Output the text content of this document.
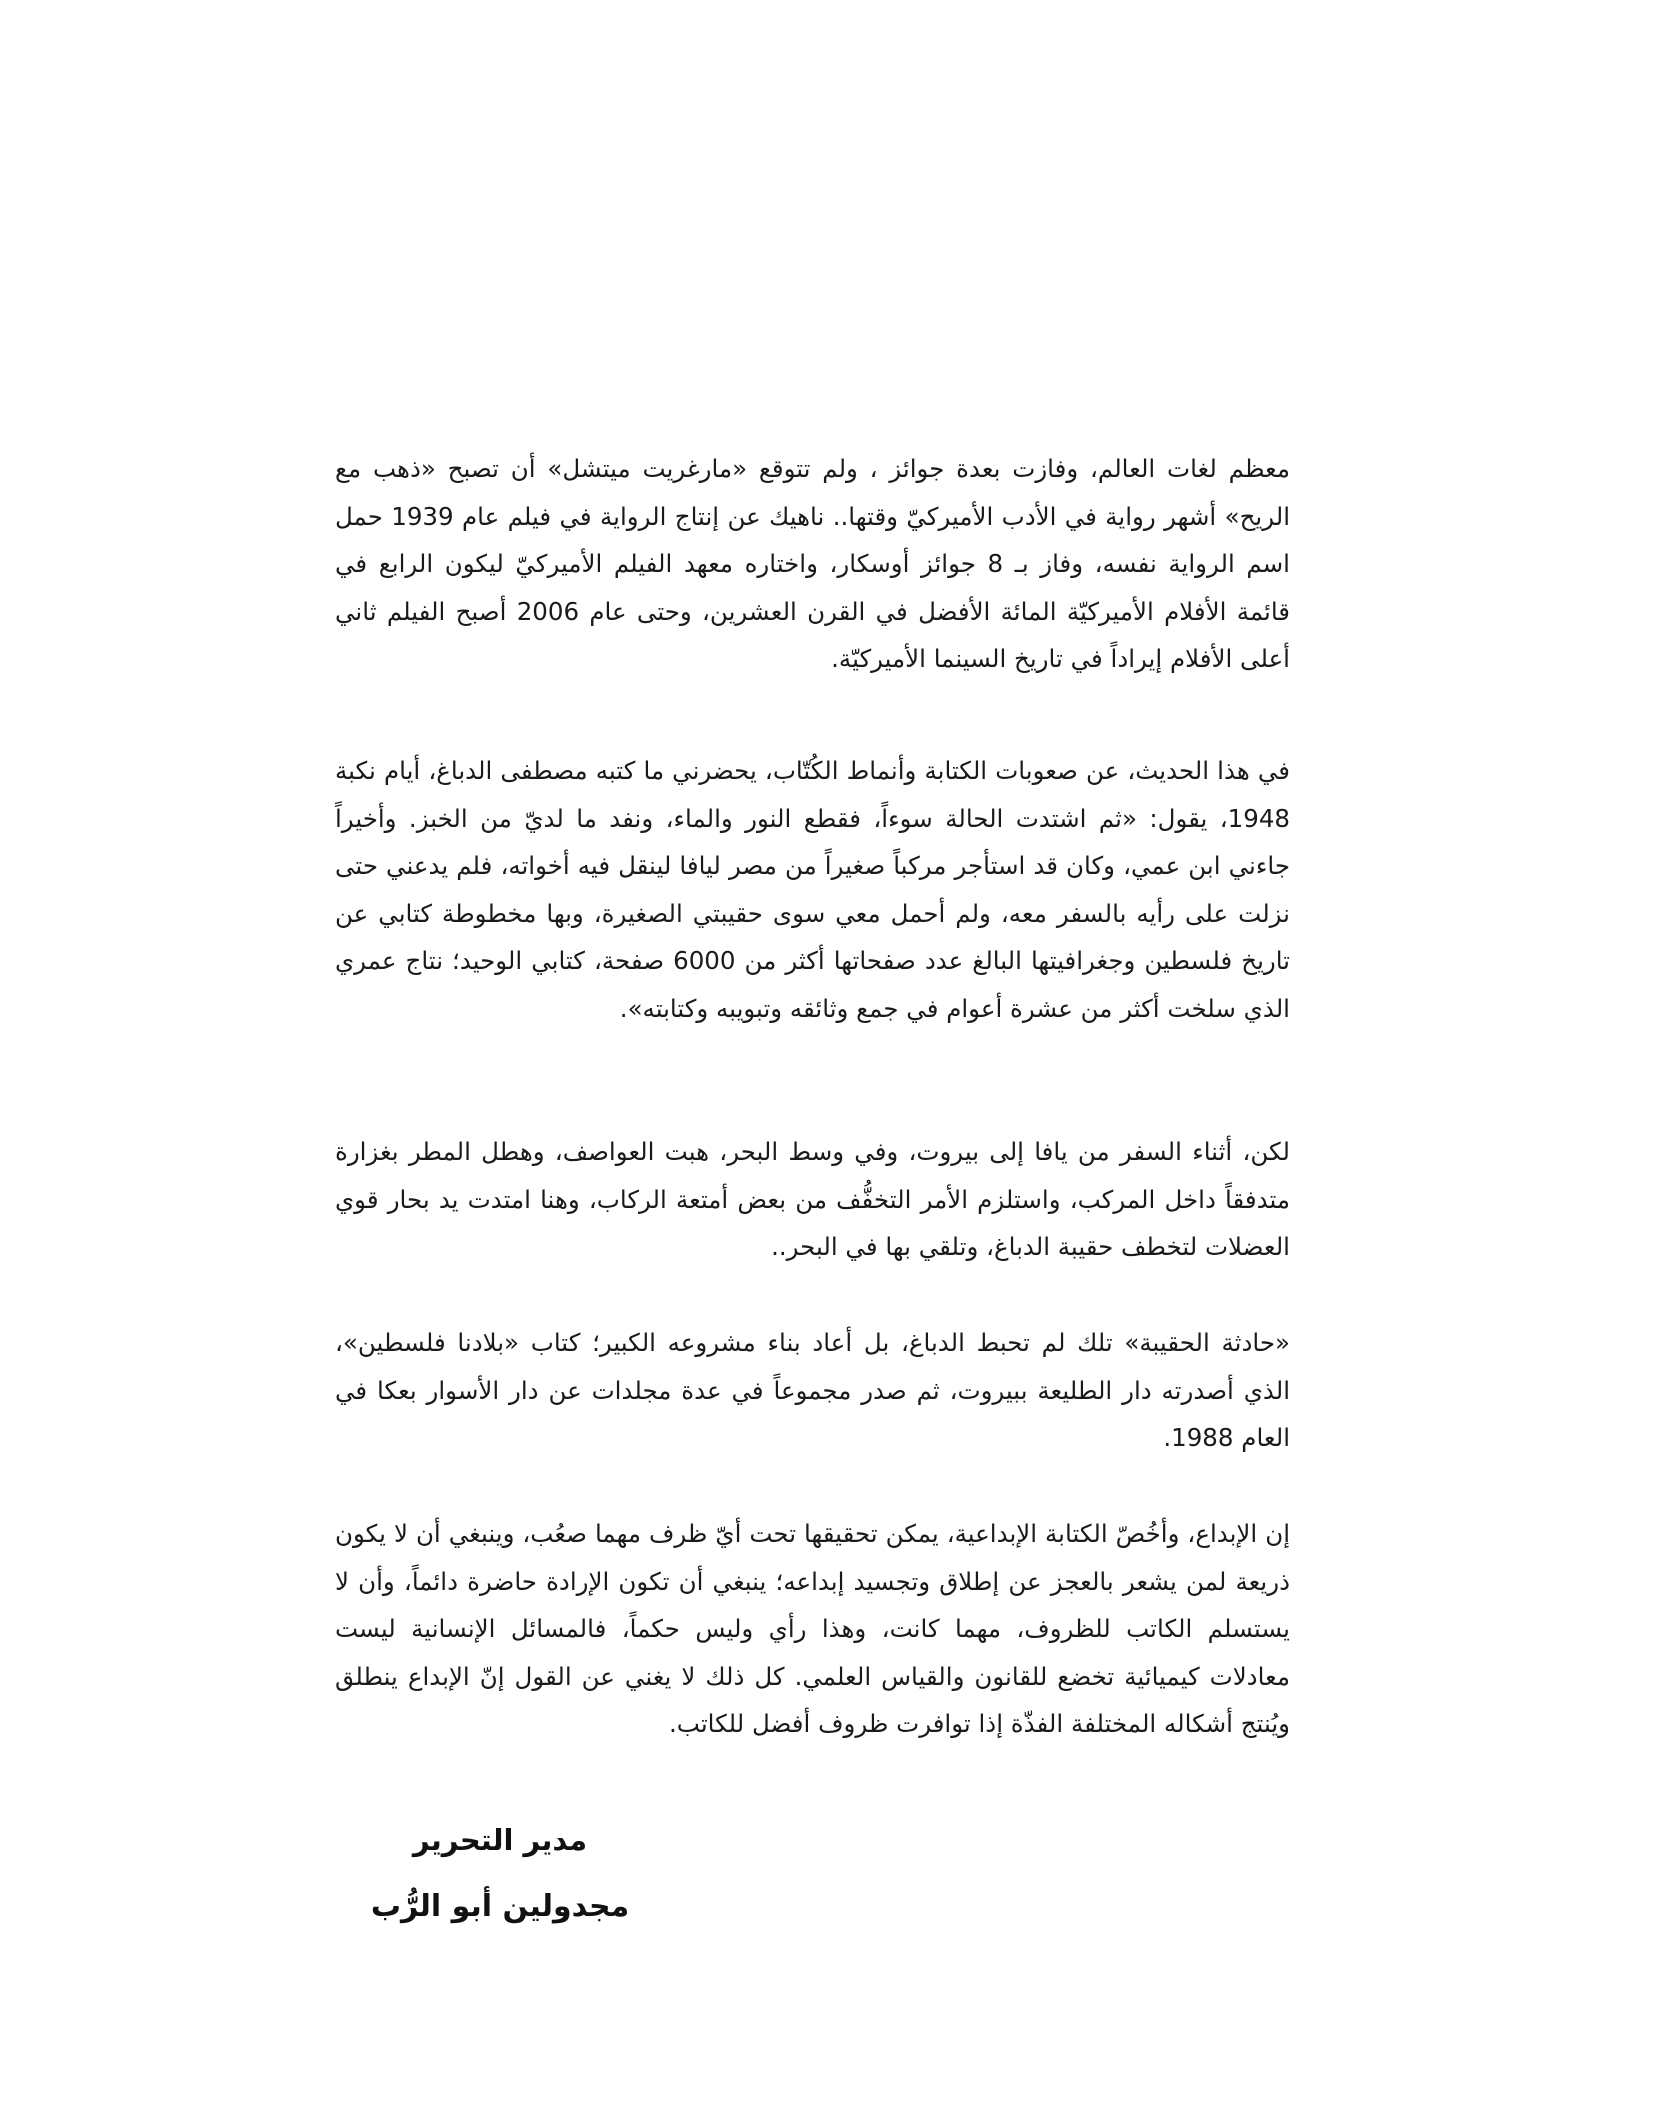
معظم لغات العالم، وفازت بعدة جوائز ، ولم تتوقع «مارغريت ميتشل» أن تصبح «ذهب مع الريح» أشهر رواية في الأدب الأميركيّ وقتها.. ناهيك عن إنتاج الرواية في فيلم عام 1939 حمل اسم الرواية نفسه، وفاز بـ 8 جوائز أوسكار، واختاره معهد الفيلم الأميركيّ ليكون الرابع في قائمة الأفلام الأميركيّة المائة الأفضل في القرن العشرين، وحتى عام 2006 أصبح الفيلم ثاني أعلى الأفلام إيراداً في تاريخ السينما الأميركيّة.

في هذا الحديث، عن صعوبات الكتابة وأنماط الكُتّاب، يحضرني ما كتبه مصطفى الدباغ، أيام نكبة 1948، يقول: «ثم اشتدت الحالة سوءاً، فقطع النور والماء، ونفد ما لديّ من الخبز. وأخيراً جاءني ابن عمي، وكان قد استأجر مركباً صغيراً من مصر ليافا لينقل فيه أخواته، فلم يدعني حتى نزلت على رأيه بالسفر معه، ولم أحمل معي سوى حقيبتي الصغيرة، وبها مخطوطة كتابي عن تاريخ فلسطين وجغرافيتها البالغ عدد صفحاتها أكثر من 6000 صفحة، كتابي الوحيد؛ نتاج عمري الذي سلخت أكثر من عشرة أعوام في جمع وثائقه وتبويبه وكتابته».

لكن، أثناء السفر من يافا إلى بيروت، وفي وسط البحر، هبت العواصف، وهطل المطر بغزارة متدفقاً داخل المركب، واستلزم الأمر التخفُّف من بعض أمتعة الركاب، وهنا امتدت يد بحار قوي العضلات لتخطف حقيبة الدباغ، وتلقي بها في البحر..

«حادثة الحقيبة» تلك لم تحبط الدباغ، بل أعاد بناء مشروعه الكبير؛ كتاب «بلادنا فلسطين»، الذي أصدرته دار الطليعة ببيروت، ثم صدر مجموعاً في عدة مجلدات عن دار الأسوار بعكا في العام 1988.

إن الإبداع، وأخُصّ الكتابة الإبداعية، يمكن تحقيقها تحت أيّ ظرف مهما صعُب، وينبغي أن لا يكون ذريعة لمن يشعر بالعجز عن إطلاق وتجسيد إبداعه؛ ينبغي أن تكون الإرادة حاضرة دائماً، وأن لا يستسلم الكاتب للظروف، مهما كانت، وهذا رأي وليس حكماً، فالمسائل الإنسانية ليست معادلات كيميائية تخضع للقانون والقياس العلمي. كل ذلك لا يغني عن القول إنّ الإبداع ينطلق ويُنتج أشكاله المختلفة الفذّة إذا توافرت ظروف أفضل للكاتب.

مدير التحرير

مجدولين أبو الرُّب
